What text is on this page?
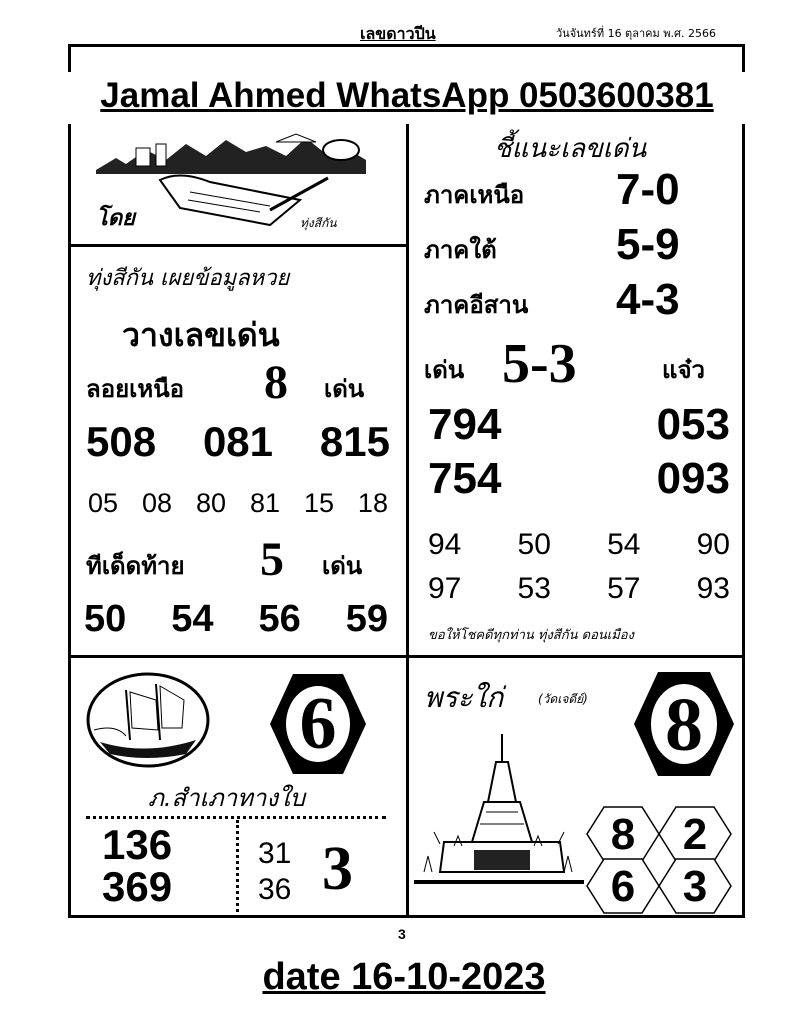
เลขดาวปีน	วันจันทร์ที่ 16 ตุลาคม พ.ศ. 2566
Jamal Ahmed WhatsApp 0503600381
โดย	ทุ่งสีกัน
ทุ่งสีกัน เผยข้อมูลหวย
วางเลขเด่น
ลอยเหนือ 8 เด่น
508 081 815
05 08 80 81 15 18
ทีเด็ดท้าย 5 เด่น
50 54 56 59
ชี้แนะเลขเด่น
ภาคเหนือ 7-0
ภาคใต้	5-9
ภาคอีสาน 4-3
เด่น 5-3	แจ๋ว
794	053
754	093
94 50 54 90
97 53 57 93
ขอให้โชคดีทุกท่าน ทุ่งสีกัน ดอนเมือง
6
ภ.สำเภาทางใบ
136
369
31
36 3
พระใก่	(วัดเจดีย์)	8
8	2
6	3
3
date 16-10-2023
